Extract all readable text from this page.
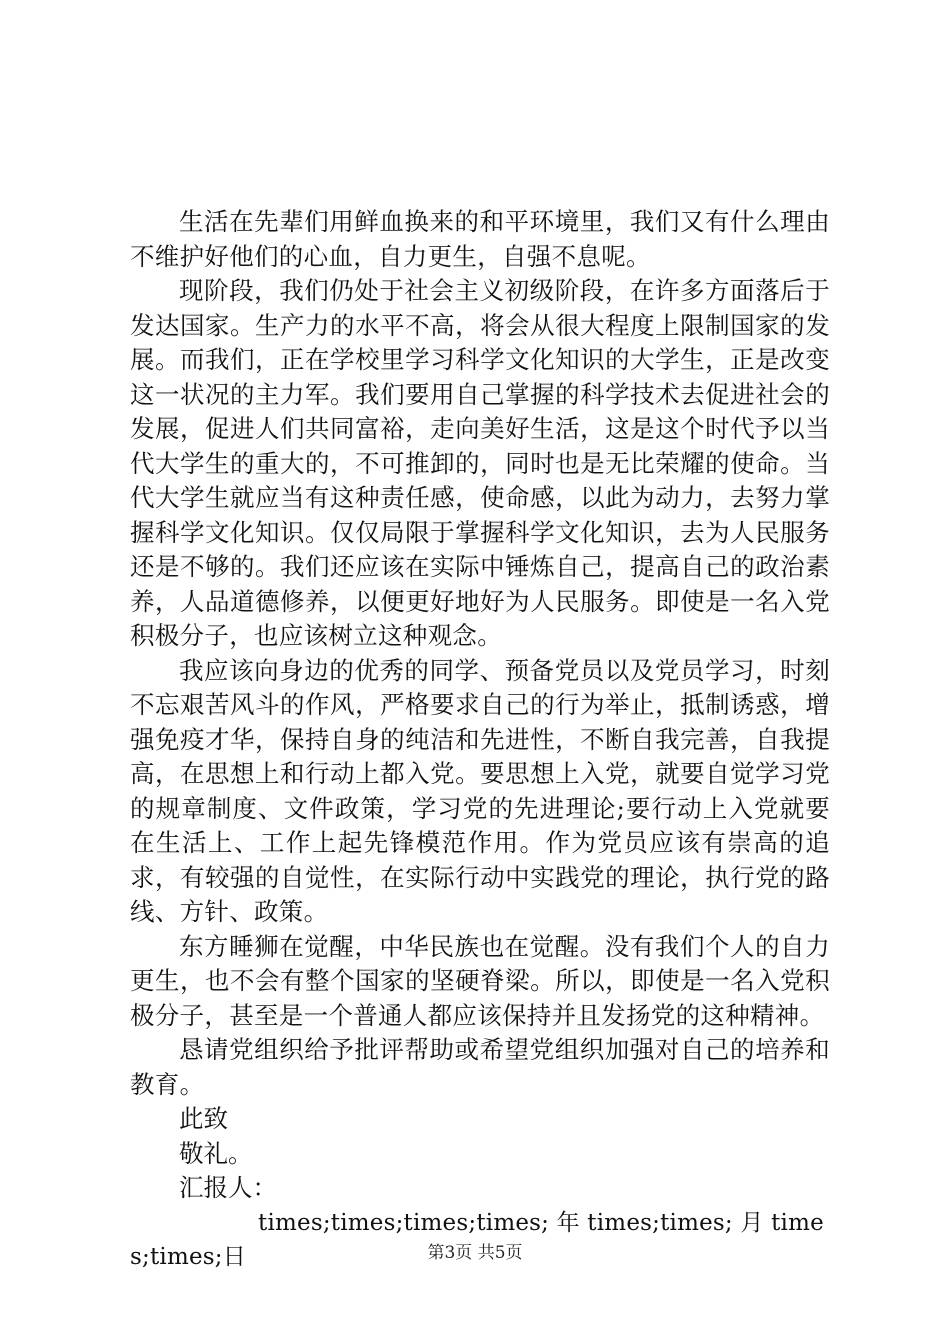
生活在先辈们用鲜血换来的和平环境里，我们又有什么理由不维护好他们的心血，自力更生，自强不息呢。

现阶段，我们仍处于社会主义初级阶段，在许多方面落后于发达国家。生产力的水平不高，将会从很大程度上限制国家的发展。而我们，正在学校里学习科学文化知识的大学生，正是改变这一状况的主力军。我们要用自己掌握的科学技术去促进社会的发展，促进人们共同富裕，走向美好生活，这是这个时代予以当代大学生的重大的，不可推卸的，同时也是无比荣耀的使命。当代大学生就应当有这种责任感，使命感，以此为动力，去努力掌握科学文化知识。仅仅局限于掌握科学文化知识，去为人民服务还是不够的。我们还应该在实际中锤炼自己，提高自己的政治素养，人品道德修养，以便更好地好为人民服务。即使是一名入党积极分子，也应该树立这种观念。

我应该向身边的优秀的同学、预备党员以及党员学习，时刻不忘艰苦风斗的作风，严格要求自己的行为举止，抵制诱惑，增强免疫才华，保持自身的纯洁和先进性，不断自我完善，自我提高，在思想上和行动上都入党。要思想上入党，就要自觉学习党的规章制度、文件政策，学习党的先进理论;要行动上入党就要在生活上、工作上起先锋模范作用。作为党员应该有崇高的追求，有较强的自觉性，在实际行动中实践党的理论，执行党的路线、方针、政策。

东方睡狮在觉醒，中华民族也在觉醒。没有我们个人的自力更生，也不会有整个国家的坚硬脊梁。所以，即使是一名入党积极分子，甚至是一个普通人都应该保持并且发扬党的这种精神。

恳请党组织给予批评帮助或希望党组织加强对自己的培养和教育。

此致

敬礼。

汇报人：

times;times;times;times; 年 times;times; 月 times;times;日	第3页 共5页
